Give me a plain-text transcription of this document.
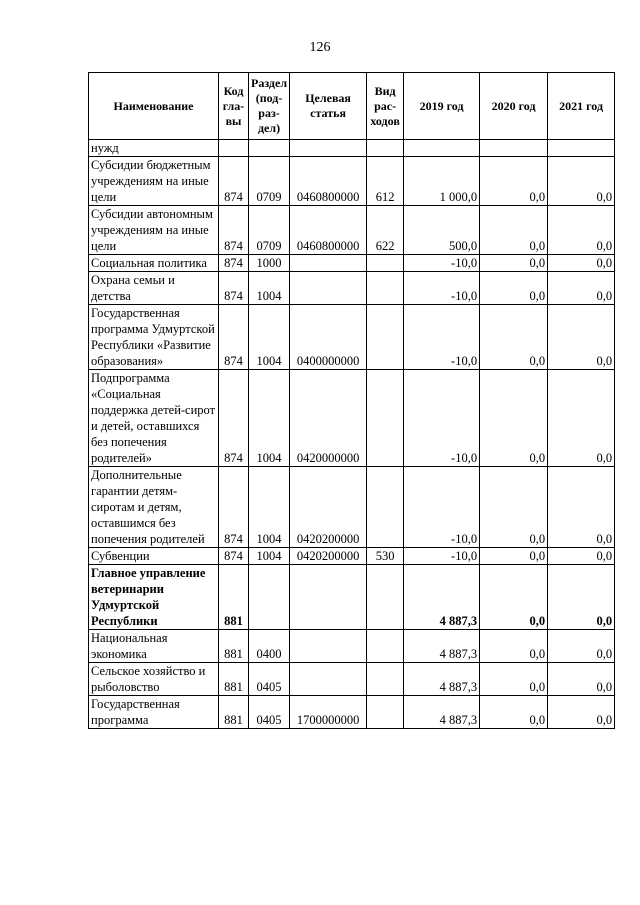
126
Наименование	Код гла-вы	Раздел (под-раз-дел)	Целевая статья	Вид рас-ходов	2019 год	2020 год	2021 год
нужд							
Субсидии бюджетным учреждениям на иные цели	874	0709	0460800000	612	1 000,0	0,0	0,0
Субсидии автономным учреждениям на иные цели	874	0709	0460800000	622	500,0	0,0	0,0
Социальная политика	874	1000			-10,0	0,0	0,0
Охрана семьи и детства	874	1004			-10,0	0,0	0,0
Государственная программа Удмуртской Республики «Развитие образования»	874	1004	0400000000		-10,0	0,0	0,0
Подпрограмма «Социальная поддержка детей-сирот и детей, оставшихся без попечения родителей»	874	1004	0420000000		-10,0	0,0	0,0
Дополнительные гарантии детям-сиротам и детям, оставшимся без попечения родителей	874	1004	0420200000		-10,0	0,0	0,0
Субвенции	874	1004	0420200000	530	-10,0	0,0	0,0
Главное управление ветеринарии Удмуртской Республики	881				4 887,3	0,0	0,0
Национальная экономика	881	0400			4 887,3	0,0	0,0
Сельское хозяйство и рыболовство	881	0405			4 887,3	0,0	0,0
Государственная программа	881	0405	1700000000		4 887,3	0,0	0,0
